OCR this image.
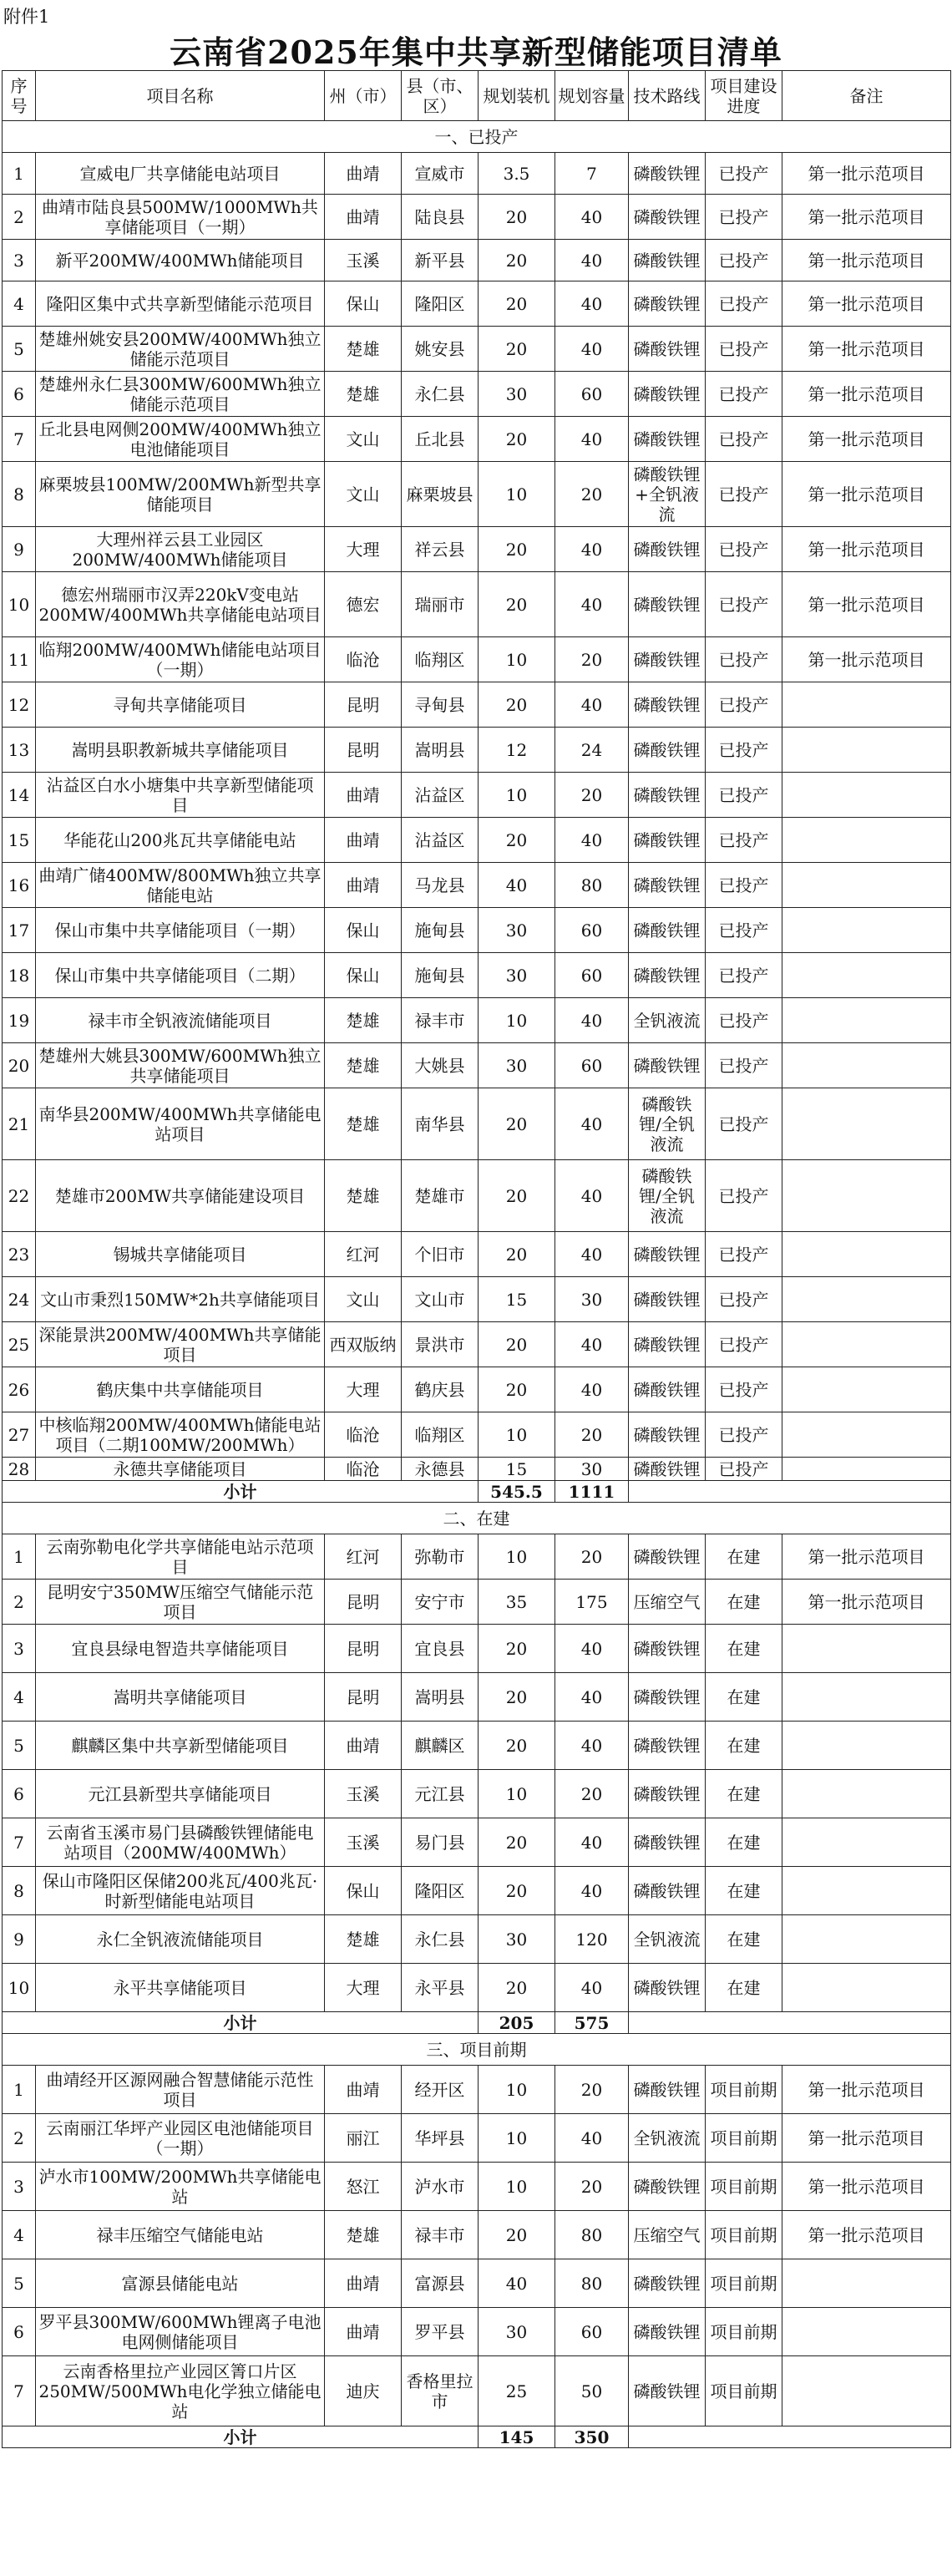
附件1
云南省2025年集中共享新型储能项目清单
序号	项目名称	州（市）	县（市、区）	规划装机	规划容量	技术路线	项目建设进度	备注
一、已投产								
1	宣威电厂共享储能电站项目	曲靖	宣威市	3.5	7	磷酸铁锂	已投产	第一批示范项目
2	曲靖市陆良县500MW/1000MWh共享储能项目（一期）	曲靖	陆良县	20	40	磷酸铁锂	已投产	第一批示范项目
3	新平200MW/400MWh储能项目	玉溪	新平县	20	40	磷酸铁锂	已投产	第一批示范项目
4	隆阳区集中式共享新型储能示范项目	保山	隆阳区	20	40	磷酸铁锂	已投产	第一批示范项目
5	楚雄州姚安县200MW/400MWh独立储能示范项目	楚雄	姚安县	20	40	磷酸铁锂	已投产	第一批示范项目
6	楚雄州永仁县300MW/600MWh独立储能示范项目	楚雄	永仁县	30	60	磷酸铁锂	已投产	第一批示范项目
7	丘北县电网侧200MW/400MWh独立电池储能项目	文山	丘北县	20	40	磷酸铁锂	已投产	第一批示范项目
8	麻栗坡县100MW/200MWh新型共享储能项目	文山	麻栗坡县	10	20	磷酸铁锂+全钒液流	已投产	第一批示范项目
9	大理州祥云县工业园区200MW/400MWh储能项目	大理	祥云县	20	40	磷酸铁锂	已投产	第一批示范项目
10	德宏州瑞丽市汉弄220kV变电站200MW/400MWh共享储能电站项目	德宏	瑞丽市	20	40	磷酸铁锂	已投产	第一批示范项目
11	临翔200MW/400MWh储能电站项目（一期）	临沧	临翔区	10	20	磷酸铁锂	已投产	第一批示范项目
12	寻甸共享储能项目	昆明	寻甸县	20	40	磷酸铁锂	已投产	
13	嵩明县职教新城共享储能项目	昆明	嵩明县	12	24	磷酸铁锂	已投产	
14	沾益区白水小塘集中共享新型储能项目	曲靖	沾益区	10	20	磷酸铁锂	已投产	
15	华能花山200兆瓦共享储能电站	曲靖	沾益区	20	40	磷酸铁锂	已投产	
16	曲靖广储400MW/800MWh独立共享储能电站	曲靖	马龙县	40	80	磷酸铁锂	已投产	
17	保山市集中共享储能项目（一期）	保山	施甸县	30	60	磷酸铁锂	已投产	
18	保山市集中共享储能项目（二期）	保山	施甸县	30	60	磷酸铁锂	已投产	
19	禄丰市全钒液流储能项目	楚雄	禄丰市	10	40	全钒液流	已投产	
20	楚雄州大姚县300MW/600MWh独立共享储能项目	楚雄	大姚县	30	60	磷酸铁锂	已投产	
21	南华县200MW/400MWh共享储能电站项目	楚雄	南华县	20	40	磷酸铁锂/全钒液流	已投产	
22	楚雄市200MW共享储能建设项目	楚雄	楚雄市	20	40	磷酸铁锂/全钒液流	已投产	
23	锡城共享储能项目	红河	个旧市	20	40	磷酸铁锂	已投产	
24	文山市秉烈150MW*2h共享储能项目	文山	文山市	15	30	磷酸铁锂	已投产	
25	深能景洪200MW/400MWh共享储能项目	西双版纳	景洪市	20	40	磷酸铁锂	已投产	
26	鹤庆集中共享储能项目	大理	鹤庆县	20	40	磷酸铁锂	已投产	
27	中核临翔200MW/400MWh储能电站项目（二期100MW/200MWh）	临沧	临翔区	10	20	磷酸铁锂	已投产	
28	永德共享储能项目	临沧	永德县	15	30	磷酸铁锂	已投产	
小计				545.5	1111			
二、在建								
1	云南弥勒电化学共享储能电站示范项目	红河	弥勒市	10	20	磷酸铁锂	在建	第一批示范项目
2	昆明安宁350MW压缩空气储能示范项目	昆明	安宁市	35	175	压缩空气	在建	第一批示范项目
3	宜良县绿电智造共享储能项目	昆明	宜良县	20	40	磷酸铁锂	在建	
4	嵩明共享储能项目	昆明	嵩明县	20	40	磷酸铁锂	在建	
5	麒麟区集中共享新型储能项目	曲靖	麒麟区	20	40	磷酸铁锂	在建	
6	元江县新型共享储能项目	玉溪	元江县	10	20	磷酸铁锂	在建	
7	云南省玉溪市易门县磷酸铁锂储能电站项目（200MW/400MWh）	玉溪	易门县	20	40	磷酸铁锂	在建	
8	保山市隆阳区保储200兆瓦/400兆瓦·时新型储能电站项目	保山	隆阳区	20	40	磷酸铁锂	在建	
9	永仁全钒液流储能项目	楚雄	永仁县	30	120	全钒液流	在建	
10	永平共享储能项目	大理	永平县	20	40	磷酸铁锂	在建	
小计				205	575			
三、项目前期								
1	曲靖经开区源网融合智慧储能示范性项目	曲靖	经开区	10	20	磷酸铁锂	项目前期	第一批示范项目
2	云南丽江华坪产业园区电池储能项目（一期）	丽江	华坪县	10	40	全钒液流	项目前期	第一批示范项目
3	泸水市100MW/200MWh共享储能电站	怒江	泸水市	10	20	磷酸铁锂	项目前期	第一批示范项目
4	禄丰压缩空气储能电站	楚雄	禄丰市	20	80	压缩空气	项目前期	第一批示范项目
5	富源县储能电站	曲靖	富源县	40	80	磷酸铁锂	项目前期	
6	罗平县300MW/600MWh锂离子电池电网侧储能项目	曲靖	罗平县	30	60	磷酸铁锂	项目前期	
7	云南香格里拉产业园区箐口片区250MW/500MWh电化学独立储能电站	迪庆	香格里拉市	25	50	磷酸铁锂	项目前期	
小计				145	350			
